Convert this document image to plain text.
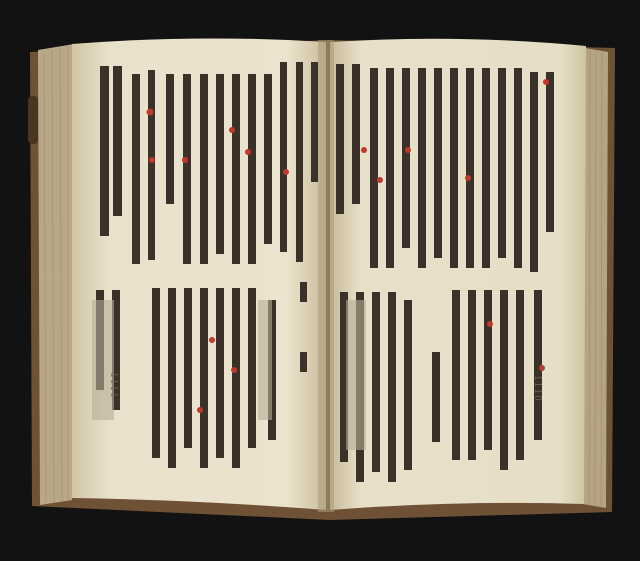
1111	1110
